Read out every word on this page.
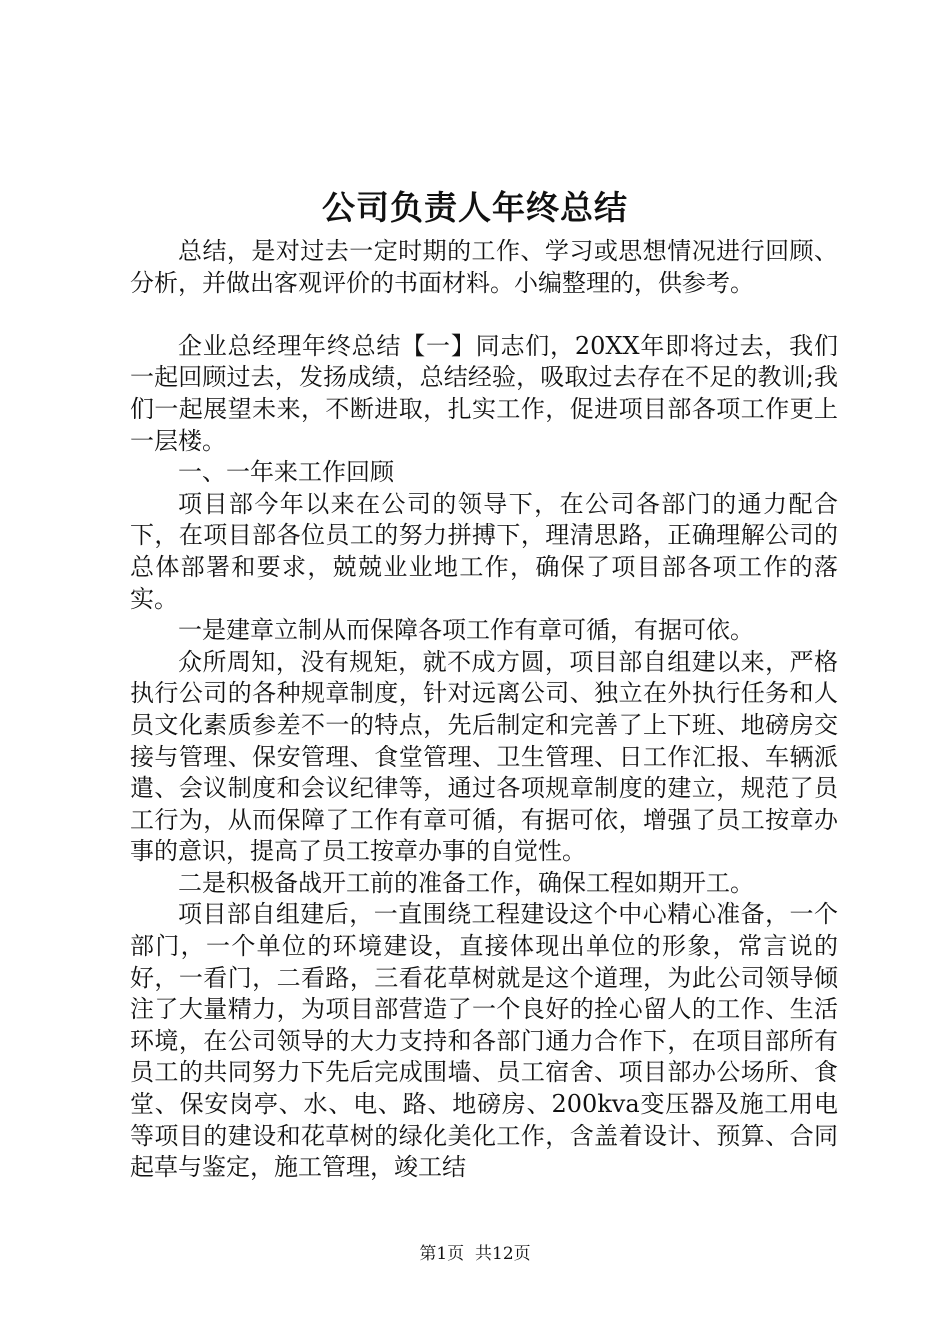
公司负责人年终总结

总结，是对过去一定时期的工作、学习或思想情况进行回顾、分析，并做出客观评价的书面材料。小编整理的，供参考。

企业总经理年终总结【一】同志们，20XX年即将过去，我们一起回顾过去，发扬成绩，总结经验，吸取过去存在不足的教训;我们一起展望未来，不断进取，扎实工作，促进项目部各项工作更上一层楼。

一、一年来工作回顾

项目部今年以来在公司的领导下，在公司各部门的通力配合下，在项目部各位员工的努力拼搏下，理清思路，正确理解公司的总体部署和要求，兢兢业业地工作，确保了项目部各项工作的落实。

一是建章立制从而保障各项工作有章可循，有据可依。

众所周知，没有规矩，就不成方圆，项目部自组建以来，严格执行公司的各种规章制度，针对远离公司、独立在外执行任务和人员文化素质参差不一的特点，先后制定和完善了上下班、地磅房交接与管理、保安管理、食堂管理、卫生管理、日工作汇报、车辆派遣、会议制度和会议纪律等，通过各项规章制度的建立，规范了员工行为，从而保障了工作有章可循，有据可依，增强了员工按章办事的意识，提高了员工按章办事的自觉性。

二是积极备战开工前的准备工作，确保工程如期开工。

项目部自组建后，一直围绕工程建设这个中心精心准备，一个部门，一个单位的环境建设，直接体现出单位的形象，常言说的好，一看门，二看路，三看花草树就是这个道理，为此公司领导倾注了大量精力，为项目部营造了一个良好的拴心留人的工作、生活环境，在公司领导的大力支持和各部门通力合作下，在项目部所有员工的共同努力下先后完成围墙、员工宿舍、项目部办公场所、食堂、保安岗亭、水、电、路、地磅房、200kva变压器及施工用电等项目的建设和花草树的绿化美化工作，含盖着设计、预算、合同起草与鉴定，施工管理，竣工结

第1页 共12页
